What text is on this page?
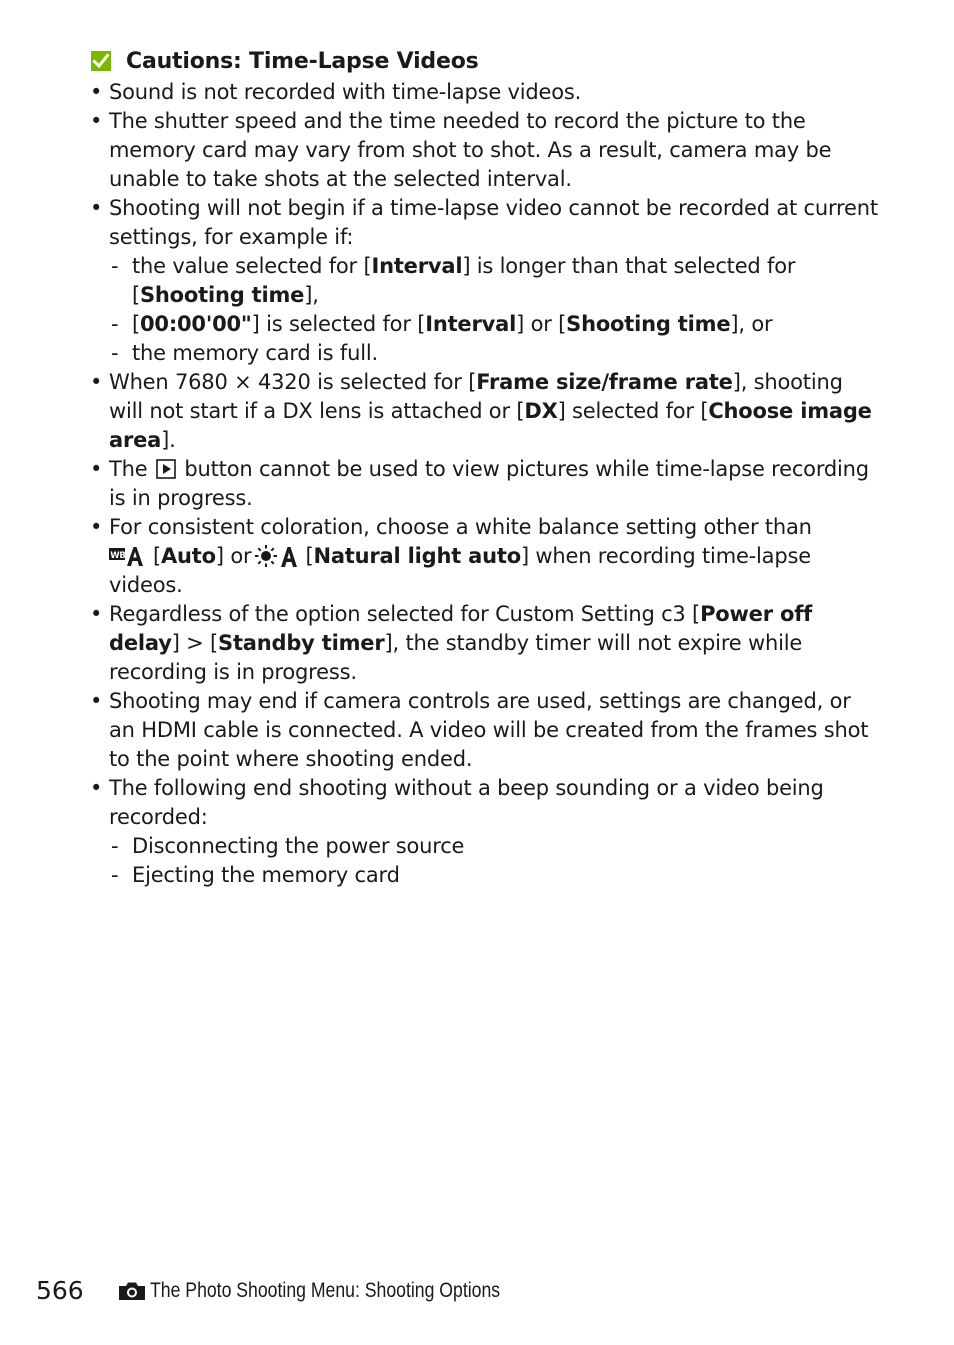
Cautions: Time-Lapse Videos
• Sound is not recorded with time-lapse videos.
• The shutter speed and the time needed to record the picture to the memory card may vary from shot to shot. As a result, camera may be unable to take shots at the selected interval.
• Shooting will not begin if a time-lapse video cannot be recorded at current settings, for example if:
- the value selected for [Interval] is longer than that selected for [Shooting time],
- [00:00'00"] is selected for [Interval] or [Shooting time], or
- the memory card is full.
• When 7680 × 4320 is selected for [Frame size/frame rate], shooting will not start if a DX lens is attached or [DX] selected for [Choose image area].
• The  button cannot be used to view pictures while time-lapse recording is in progress.
• For consistent coloration, choose a white balance setting other than

WB [Auto] or	[Natural light auto] when recording time-lapse videos.
• Regardless of the option selected for Custom Setting c3 [Power off delay] > [Standby timer], the standby timer will not expire while recording is in progress.
• Shooting may end if camera controls are used, settings are changed, or an HDMI cable is connected. A video will be created from the frames shot to the point where shooting ended.
• The following end shooting without a beep sounding or a video being recorded:
- Disconnecting the power source
- Ejecting the memory card
566	The Photo Shooting Menu: Shooting Options
